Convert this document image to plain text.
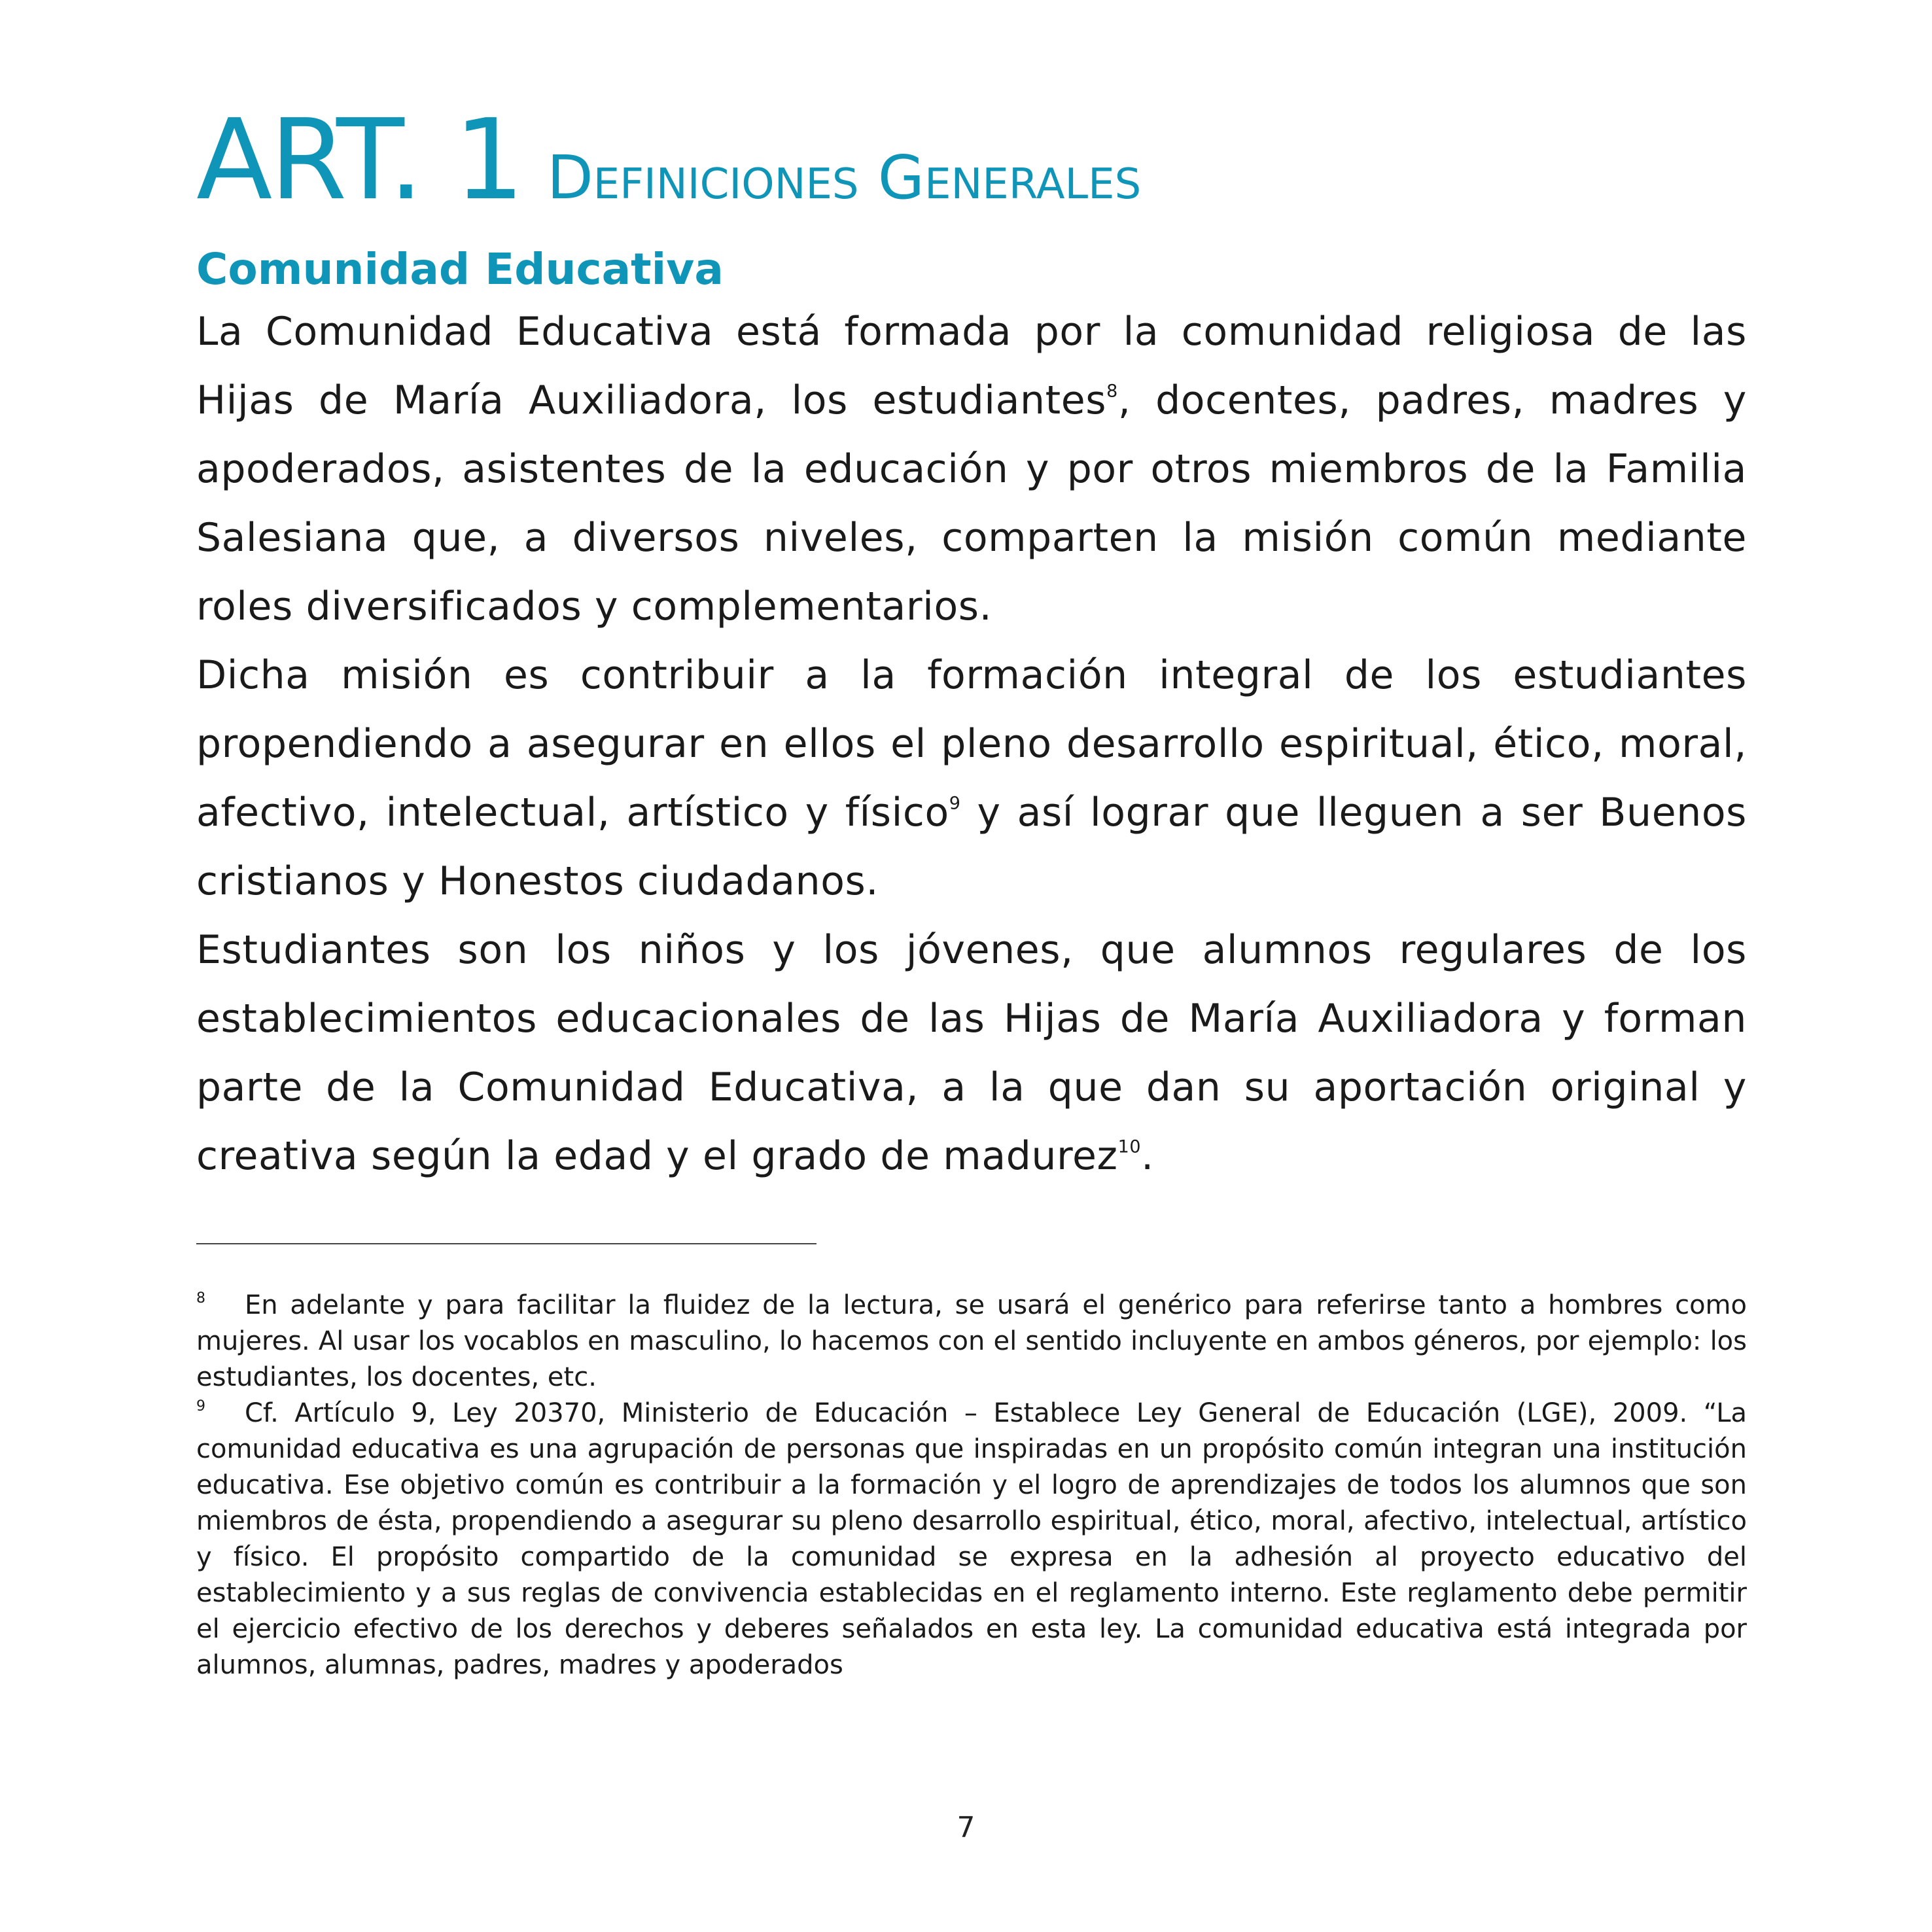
ART. 1 Definiciones Generales
Comunidad Educativa

La Comunidad Educativa está formada por la comunidad religiosa de las Hijas de María Auxiliadora, los estudiantes$^8$, docentes, padres, madres y apoderados, asistentes de la educación y por otros miembros de la Familia Salesiana que, a diversos niveles, comparten la misión común mediante roles diversificados y complementarios.

Dicha misión es contribuir a la formación integral de los estudiantes propendiendo a asegurar en ellos el pleno desarrollo espiritual, ético, moral, afectivo, intelectual, artístico y físico$^9$ y así lograr que lleguen a ser Buenos cristianos y Honestos ciudadanos.

Estudiantes son los niños y los jóvenes, que alumnos regulares de los establecimientos educacionales de las Hijas de María Auxiliadora y forman parte de la Comunidad Educativa, a la que dan su aportación original y creativa según la edad y el grado de madurez$^{10}$.

$^8$ En adelante y para facilitar la fluidez de la lectura, se usará el genérico para referirse tanto a hombres como mujeres. Al usar los vocablos en masculino, lo hacemos con el sentido incluyente en ambos géneros, por ejemplo: los estudiantes, los docentes, etc.

$^9$ Cf. Artículo 9, Ley 20370, Ministerio de Educación – Establece Ley General de Educación (LGE), 2009. “La comunidad educativa es una agrupación de personas que inspiradas en un propósito común integran una institución educativa. Ese objetivo común es contribuir a la formación y el logro de aprendizajes de todos los alumnos que son miembros de ésta, propendiendo a asegurar su pleno desarrollo espiritual, ético, moral, afectivo, intelectual, artístico y físico. El propósito compartido de la comunidad se expresa en la adhesión al proyecto educativo del establecimiento y a sus reglas de convivencia establecidas en el reglamento interno. Este reglamento debe permitir el ejercicio efectivo de los derechos y deberes señalados en esta ley. La comunidad educativa está integrada por alumnos, alumnas, padres, madres y apoderados

7
